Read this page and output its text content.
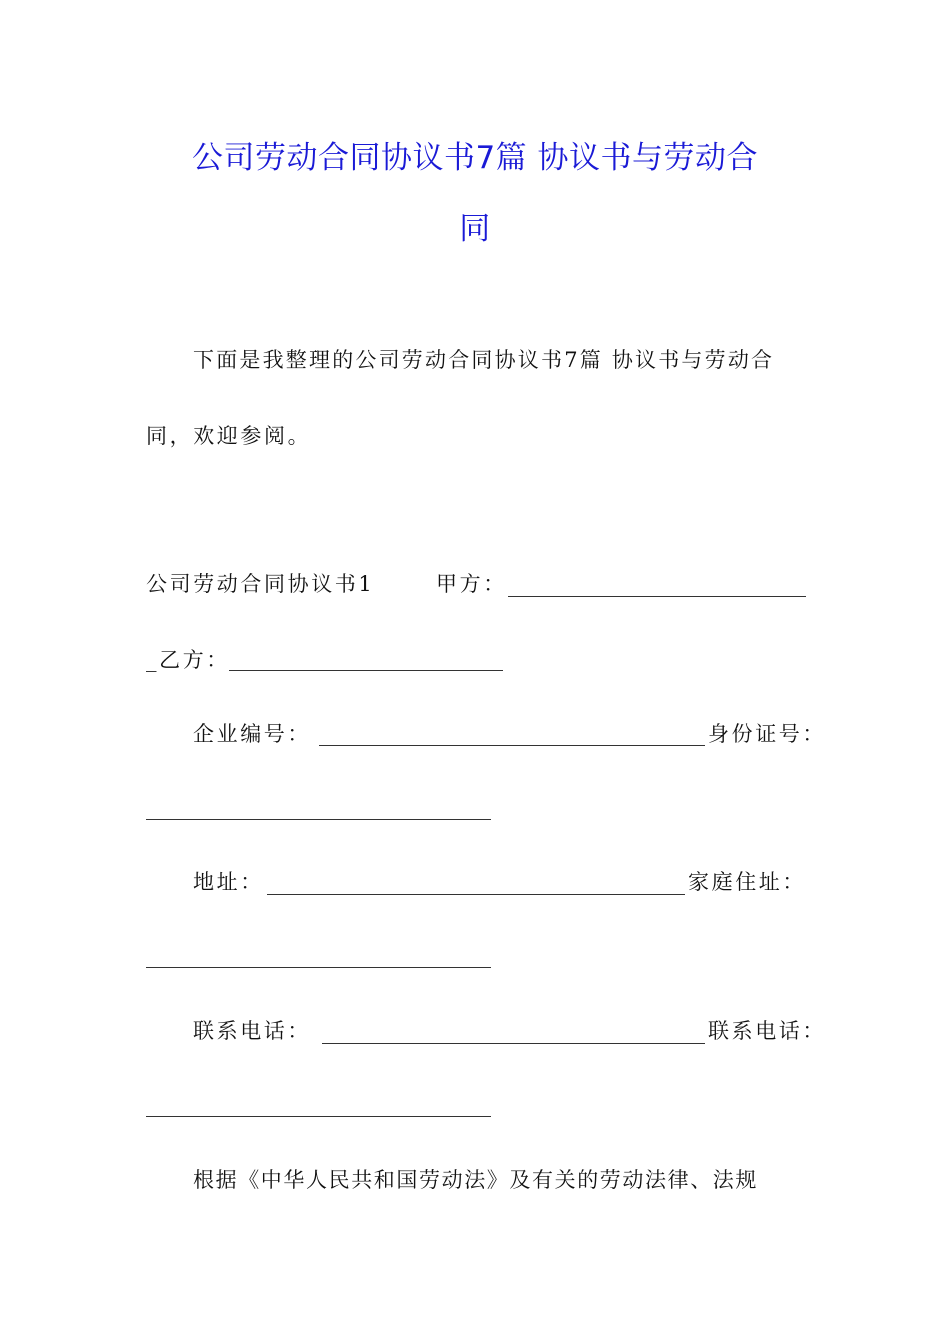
公司劳动合同协议书7篇 协议书与劳动合
同
下面是我整理的公司劳动合同协议书7篇 协议书与劳动合
同，欢迎参阅。
公司劳动合同协议书1	甲方：
_乙方：
企业编号：	身份证号：
地址：	家庭住址：
联系电话：	联系电话：
根据《中华人民共和国劳动法》及有关的劳动法律、法规
